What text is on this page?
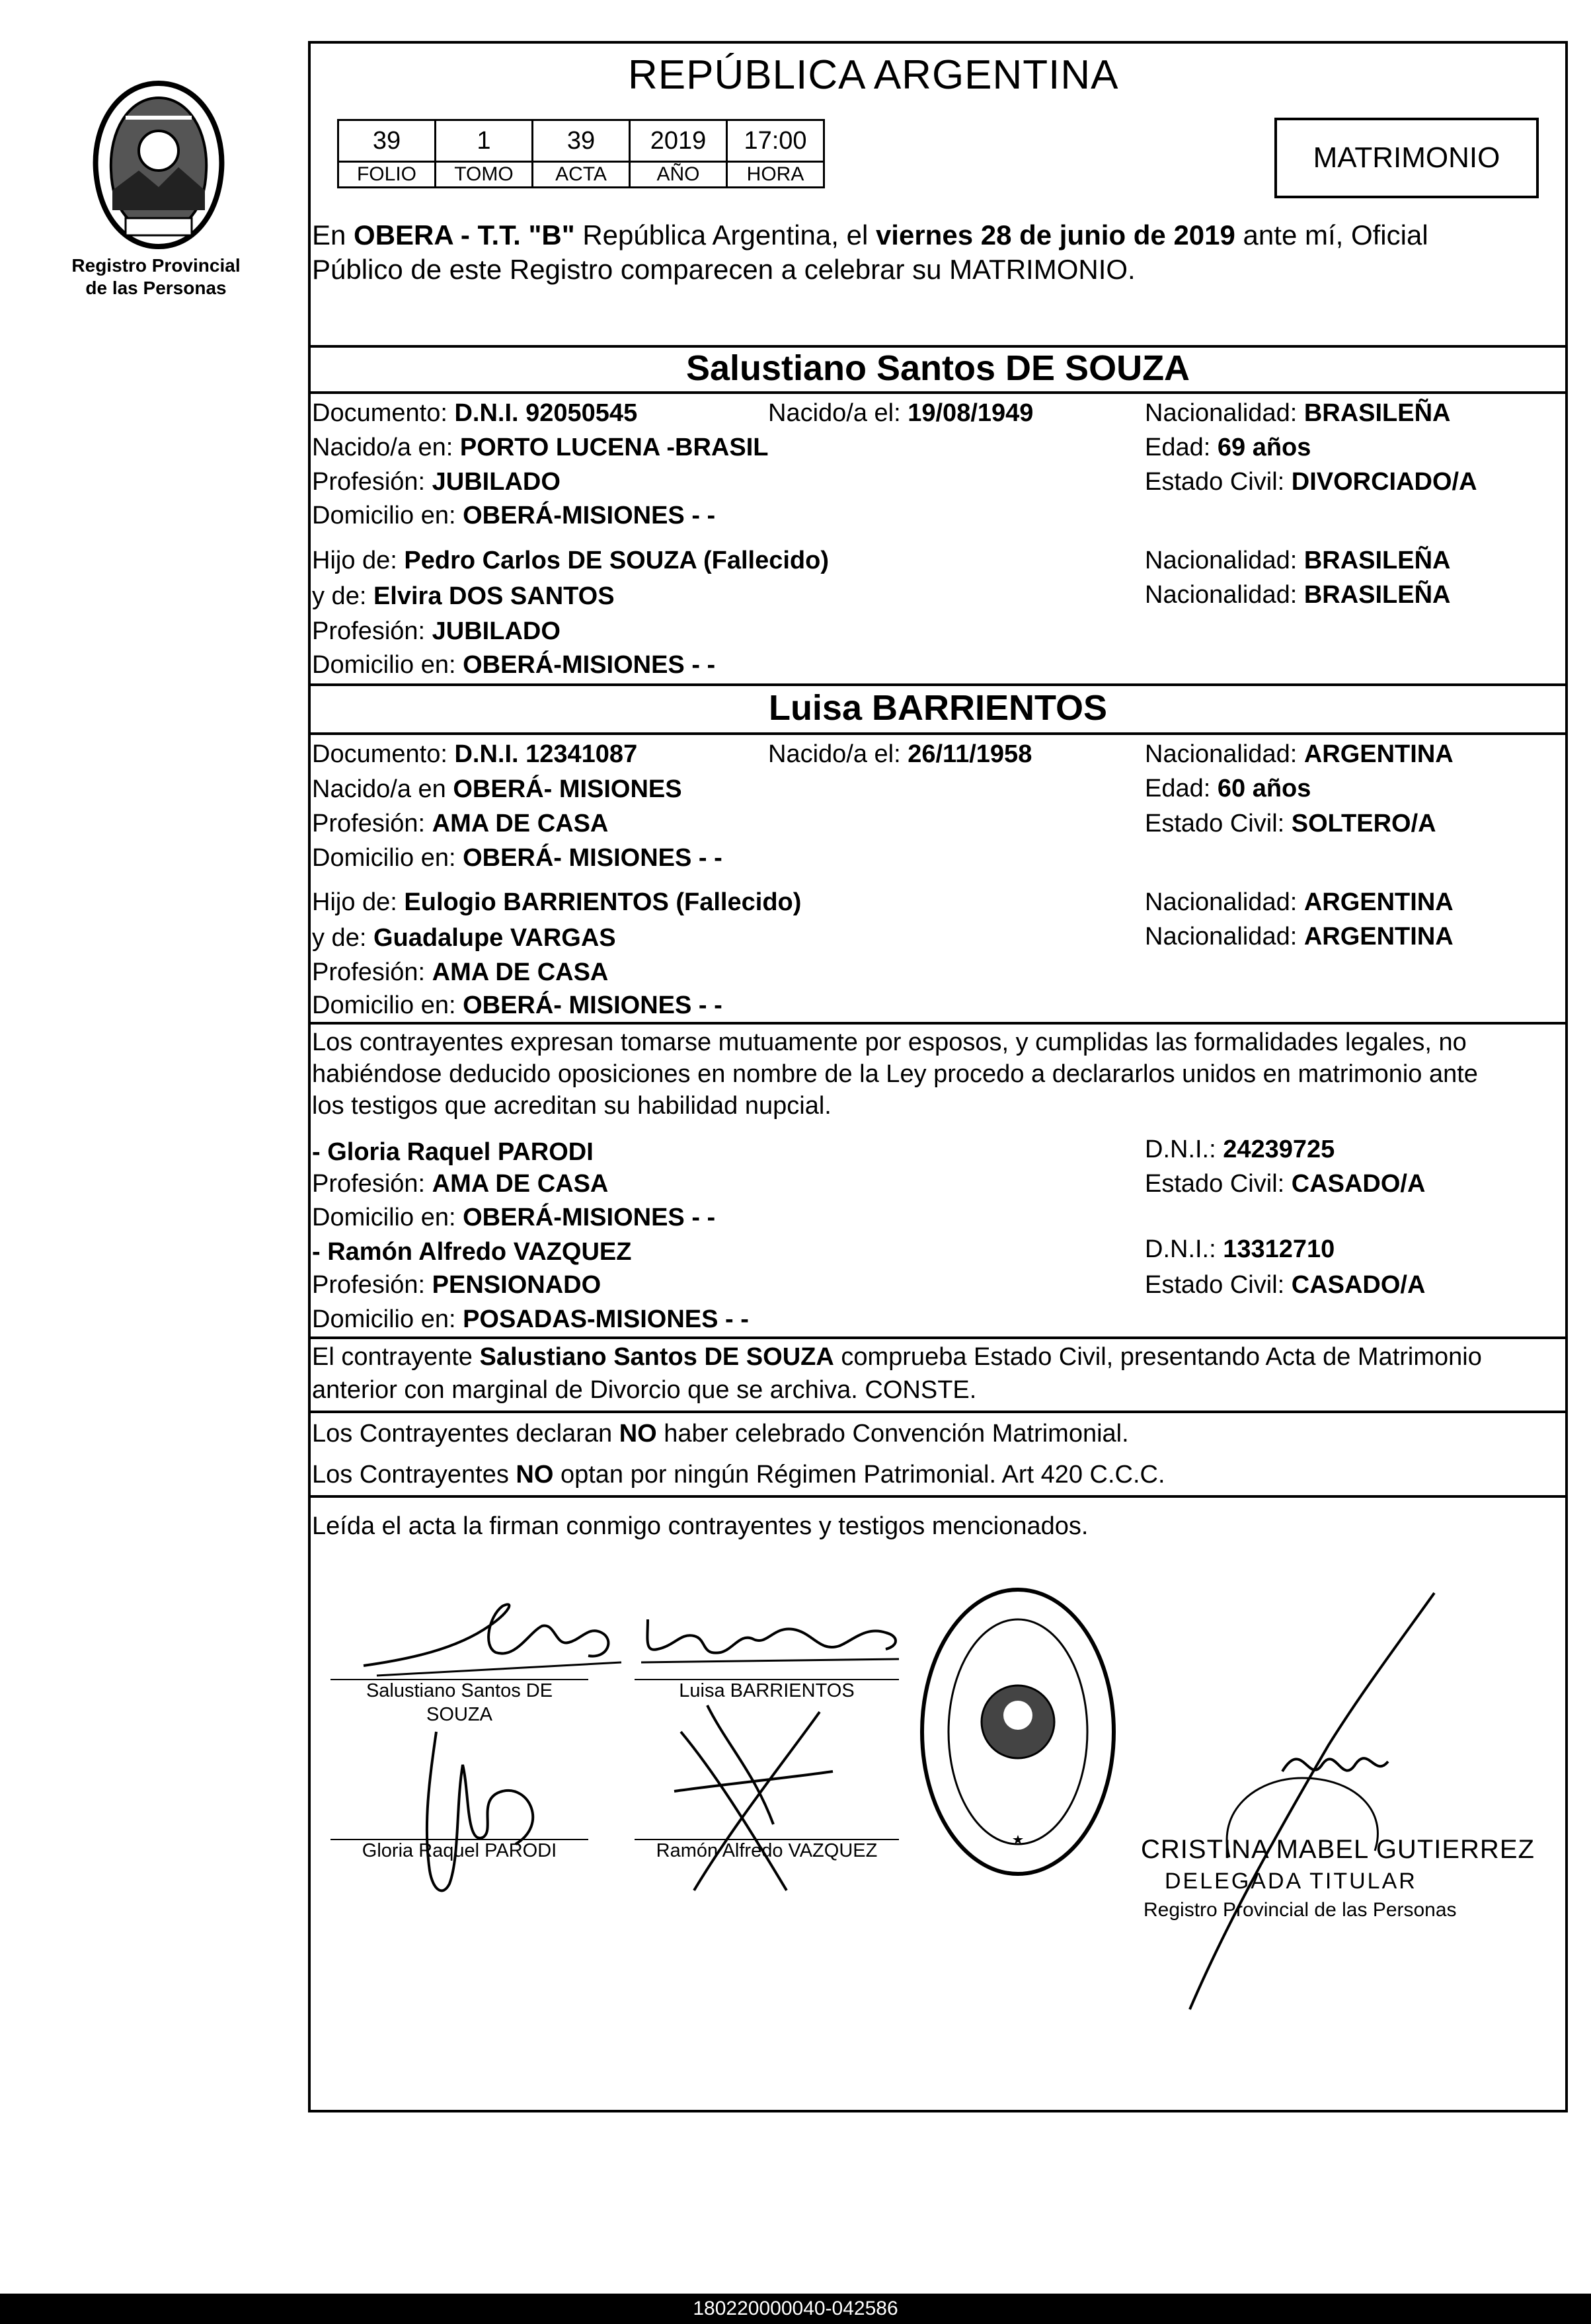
Registro Provincial
de las Personas
REPÚBLICA ARGENTINA
39	1	39	2019	17:00
FOLIO	TOMO	ACTA	AÑO	HORA
MATRIMONIO
En OBERA - T.T. "B" República Argentina, el viernes 28 de junio de 2019 ante mí, Oficial
Público de este Registro comparecen a celebrar su MATRIMONIO.
Salustiano Santos DE SOUZA
Documento: D.N.I. 92050545	Nacido/a el: 19/08/1949	Nacionalidad: BRASILEÑA
Nacido/a en: PORTO LUCENA -BRASIL	Edad: 69 años
Profesión: JUBILADO	Estado Civil: DIVORCIADO/A
Domicilio en: OBERÁ-MISIONES - -
Hijo de: Pedro Carlos DE SOUZA (Fallecido)	Nacionalidad: BRASILEÑA
y de: Elvira DOS SANTOS	Nacionalidad: BRASILEÑA
Profesión: JUBILADO
Domicilio en: OBERÁ-MISIONES - -
Luisa BARRIENTOS
Documento: D.N.I. 12341087	Nacido/a el: 26/11/1958	Nacionalidad: ARGENTINA
Nacido/a en OBERÁ- MISIONES	Edad: 60 años
Profesión: AMA DE CASA	Estado Civil: SOLTERO/A
Domicilio en: OBERÁ- MISIONES - -
Hijo de: Eulogio BARRIENTOS (Fallecido)	Nacionalidad: ARGENTINA
y de: Guadalupe VARGAS	Nacionalidad: ARGENTINA
Profesión: AMA DE CASA
Domicilio en: OBERÁ- MISIONES - -
Los contrayentes expresan tomarse mutuamente por esposos, y cumplidas las formalidades legales, no
habiéndose deducido oposiciones en nombre de la Ley procedo a declararlos unidos en matrimonio ante
los testigos que acreditan su habilidad nupcial.
- Gloria Raquel PARODI	D.N.I.: 24239725
Profesión: AMA DE CASA	Estado Civil: CASADO/A
Domicilio en: OBERÁ-MISIONES - -
- Ramón Alfredo VAZQUEZ	D.N.I.: 13312710
Profesión: PENSIONADO	Estado Civil: CASADO/A
Domicilio en: POSADAS-MISIONES - -
El contrayente Salustiano Santos DE SOUZA comprueba Estado Civil, presentando Acta de Matrimonio
anterior con marginal de Divorcio que se archiva. CONSTE.
Los Contrayentes declaran NO haber celebrado Convención Matrimonial.
Los Contrayentes NO optan por ningún Régimen Patrimonial. Art 420 C.C.C.
Leída el acta la firman conmigo contrayentes y testigos mencionados.
Salustiano Santos DE
SOUZA
Luisa BARRIENTOS
Gloria Raquel PARODI	Ramón Alfredo VAZQUEZ	CRISTINA MABEL GUTIERREZ
DELEGADA TITULAR
Registro Provincial de las Personas
180220000040-042586
